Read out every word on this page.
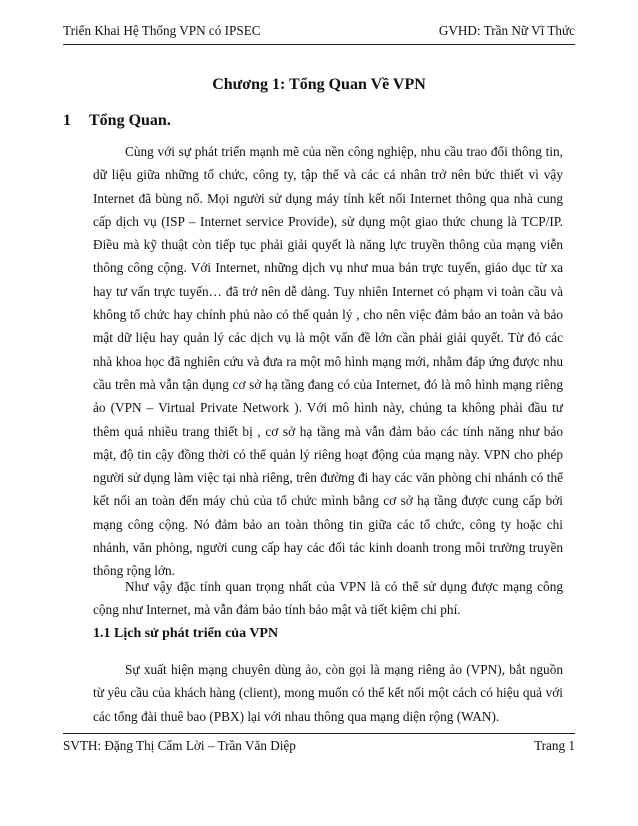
Triển Khai Hệ Thống VPN có IPSEC	GVHD: Trần Nữ Vĩ Thức
Chương 1: Tổng Quan Về VPN
1 Tổng Quan.

Cùng với sự phát triển mạnh mẽ của nền công nghiệp, nhu cầu trao đổi thông tin, dữ liệu giữa những tổ chức, công ty, tập thể và các cá nhân trở nên bức thiết vì vậy Internet đã bùng nổ. Mọi người sử dụng máy tính kết nối Internet thông qua nhà cung cấp dịch vụ (ISP – Internet service Provide), sử dụng một giao thức chung là TCP/IP. Điều mà kỹ thuật còn tiếp tục phải giải quyết là năng lực truyền thông của mạng viễn thông công cộng. Với Internet, những dịch vụ như mua bán trực tuyến, giáo dục từ xa hay tư vấn trực tuyến… đã trở nên dễ dàng. Tuy nhiên Internet có phạm vi toàn cầu và không tổ chức hay chính phủ nào có thể quản lý , cho nên việc đảm bảo an toàn và bảo mật dữ liệu hay quản lý các dịch vụ là một vấn đề lớn cần phải giải quyết. Từ đó các nhà khoa học đã nghiên cứu và đưa ra một mô hình mạng mới, nhằm đáp ứng được nhu cầu trên mà vẫn tận dụng cơ sở hạ tầng đang có của Internet, đó là mô hình mạng riêng ảo (VPN – Virtual Private Network ). Với mô hình này, chúng ta không phải đầu tư thêm quá nhiều trang thiết bị , cơ sở hạ tầng mà vẫn đảm bảo các tính năng như bảo mật, độ tin cậy đồng thời có thể quản lý riêng hoạt động của mạng này. VPN cho phép người sử dụng làm việc tại nhà riêng, trên đường đi hay các văn phòng chi nhánh có thể kết nối an toàn đến máy chủ của tổ chức mình bằng cơ sở hạ tầng được cung cấp bởi mạng công cộng. Nó đảm bảo an toàn thông tin giữa các tổ chức, công ty hoặc chi nhánh, văn phòng, người cung cấp hay các đối tác kinh doanh trong môi trường truyền thông rộng lớn.

Như vậy đặc tính quan trọng nhất của VPN là có thể sử dụng được mạng công cộng như Internet, mà vẫn đảm bảo tính bảo mật và tiết kiệm chi phí.

1.1 Lịch sử phát triển của VPN

Sự xuất hiện mạng chuyên dùng ảo, còn gọi là mạng riêng ảo (VPN), bắt nguồn từ yêu cầu của khách hàng (client), mong muốn có thể kết nối một cách có hiệu quả với các tổng đài thuê bao (PBX) lại với nhau thông qua mạng diện rộng (WAN).

SVTH: Đặng Thị Cẩm Lời – Trần Văn Diệp	Trang 1
